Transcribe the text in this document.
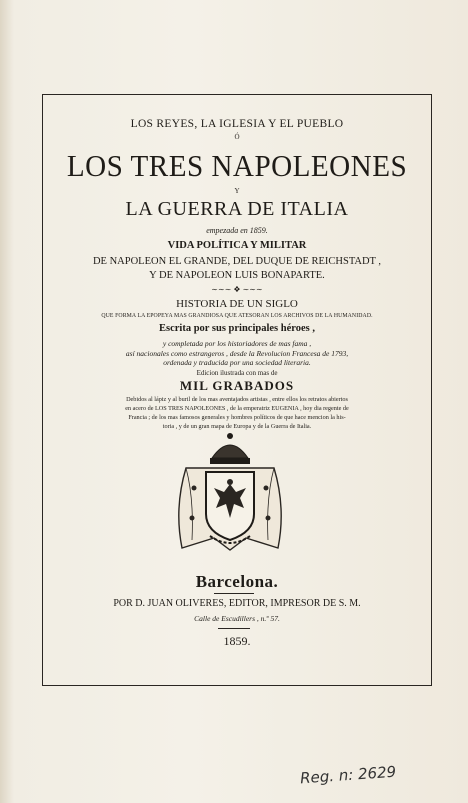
LOS REYES, LA IGLESIA Y EL PUEBLO
Ó
LOS TRES NAPOLEONES
Y
LA GUERRA DE ITALIA
empezada en 1859.
VIDA POLÍTICA Y MILITAR
DE NAPOLEON EL GRANDE, DEL DUQUE DE REICHSTADT ,
Y DE NAPOLEON LUIS BONAPARTE.
∼∼∼ ❖ ∼∼∼
HISTORIA DE UN SIGLO
QUE FORMA LA EPOPEYA MAS GRANDIOSA QUE ATESORAN LOS ARCHIVOS DE LA HUMANIDAD.
Escrita por sus principales héroes ,
y completada por los historiadores de mas fama ,
así nacionales como estrangeros , desde la Revolucion Francesa de 1793,
ordenada y traducida por una sociedad literaria.
Edicion ilustrada con mas de
MIL GRABADOS
Debidos al lápiz y al buril de los mas aventajados artistas , entre ellos los retratos abiertos
en acero de LOS TRES NAPOLEONES , de la emperatriz EUGENIA , hoy dia regente de
Francia ; de los mas famosos generales y hombres políticos de que hace mencion la his-
toria , y de un gran mapa de Europa y de la Guerra de Italia.
Barcelona.
POR D. JUAN OLIVERES, EDITOR, IMPRESOR DE S. M.
Calle de Escudillers , n.º 57.
1859.
Reg. n: 2629
